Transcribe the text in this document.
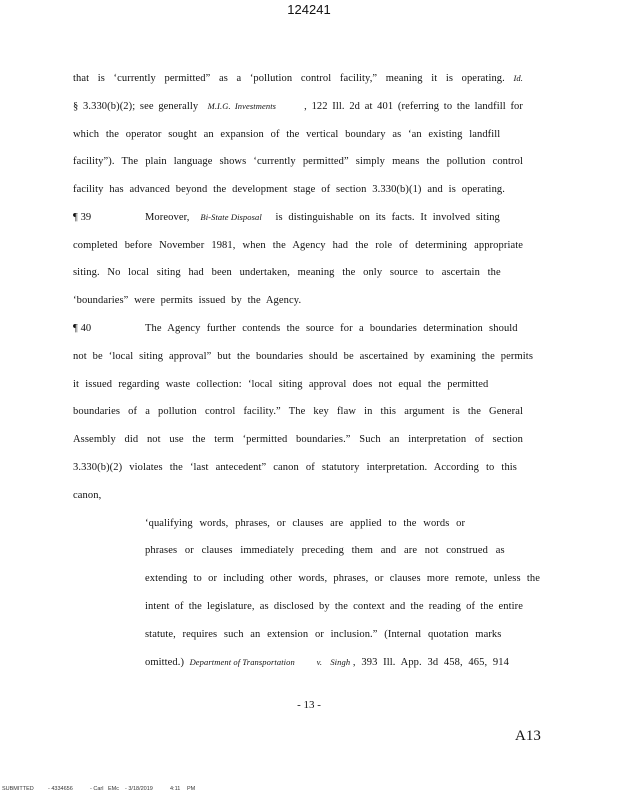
124241
that is ‘currently permitted” as a ‘pollution control facility,” meaning it is operating. Id.
§ 3.330(b)(2); see generally M.I.G. Investments	, 122 Ill. 2d at 401 (referring to the landfill for
which the operator sought an expansion of the vertical boundary as ‘an existing landfill
facility”). The plain language shows ‘currently permitted” simply means the pollution control
facility has advanced beyond the development stage of section 3.330(b)(1) and is operating.
¶ 39	Moreover, Bi-State Disposal is distinguishable on its facts. It involved siting
completed before November 1981, when the Agency had the role of determining appropriate
siting. No local siting had been undertaken, meaning the only source to ascertain the
‘boundaries” were permits issued by the Agency.
¶ 40	The Agency further contends the source for a boundaries determination should
not be ‘local siting approval” but the boundaries should be ascertained by examining the permits
it issued regarding waste collection: ‘local siting approval does not equal the permitted
boundaries of a pollution control facility.” The key flaw in this argument is the General
Assembly did not use the term ‘permitted boundaries.” Such an interpretation of section
3.330(b)(2) violates the ‘last antecedent” canon of statutory interpretation. According to this
canon,
‘qualifying words, phrases, or clauses are applied to the words or
phrases or clauses immediately preceding them and are not construed as
extending to or including other words, phrases, or clauses more remote, unless the
intent of the legislature, as disclosed by the context and the reading of the entire
statute, requires such an extension or inclusion.” (Internal quotation marks
omitted.) Department of Transportation	v. Singh , 393 Ill. App. 3d 458, 465, 914
- 13 -
A13
SUBMITTED	- 4334656	- Carl EMc - 3/18/2019	4:11 PM
